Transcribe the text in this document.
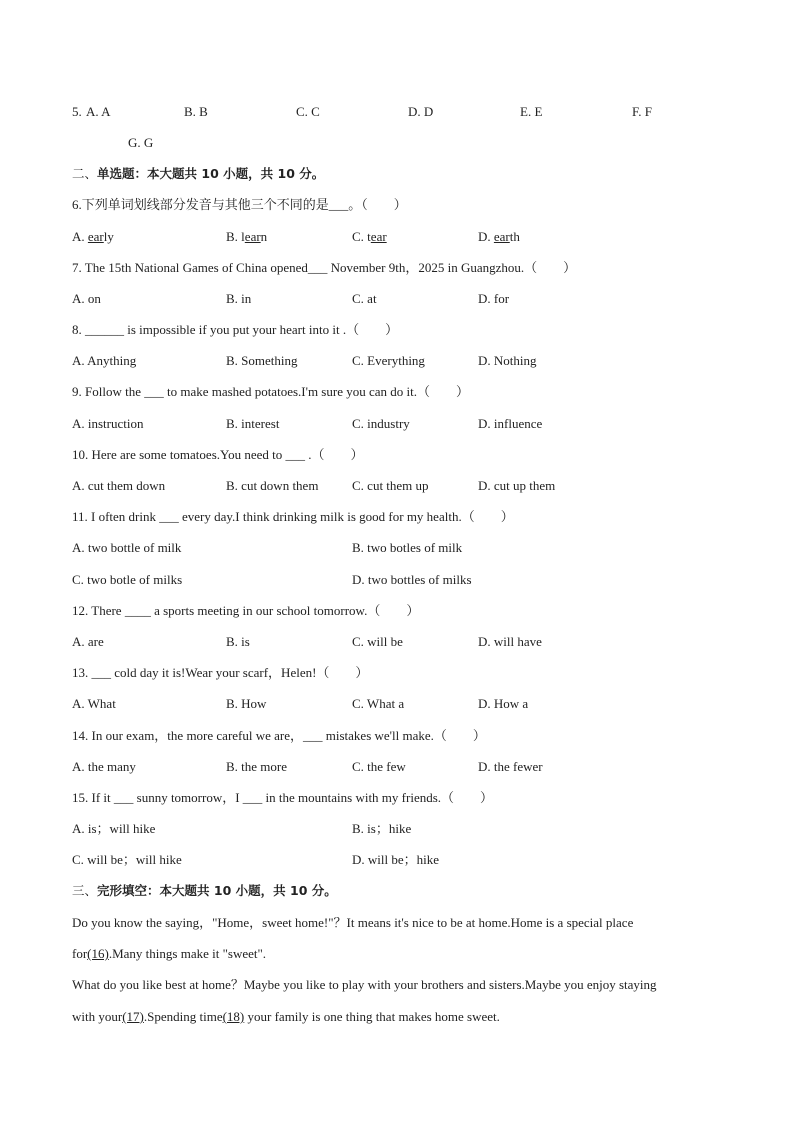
5. A. A	B. B	C. C	D. D	E. E	F. F
G. G
二、单选题：本大题共 10 小题，共 10 分。
6.下列单词划线部分发音与其他三个不同的是___。（　　）
A. early	B. learn	C. tear	D. earth
7. The 15th National Games of China opened___ November 9th，2025 in Guangzhou.（　　）
A. on	B. in	C. at	D. for
8. ______ is impossible if you put your heart into it .（　　）
A. Anything	B. Something	C. Everything	D. Nothing
9. Follow the ___ to make mashed potatoes.I'm sure you can do it.（　　）
A. instruction	B. interest	C. industry	D. influence
10. Here are some tomatoes.You need to ___ .（　　）
A. cut them down	B. cut down them	C. cut them up	D. cut up them
11. I often drink ___ every day.I think drinking milk is good for my health.（　　）
A. two bottle of milk	B. two botles of milk
C. two botle of milks	D. two bottles of milks
12. There ____ a sports meeting in our school tomorrow.（　　）
A. are	B. is	C. will be	D. will have
13. ___ cold day it is!Wear your scarf，Helen!（　　）
A. What	B. How	C. What a	D. How a
14. In our exam，the more careful we are，___ mistakes we'll make.（　　）
A. the many	B. the more	C. the few	D. the fewer
15. If it ___ sunny tomorrow，I ___ in the mountains with my friends.（　　）
A. is；will hike	B. is；hike
C. will be；will hike	D. will be；hike
三、完形填空：本大题共 10 小题，共 10 分。
Do you know the saying，"Home，sweet home!"？It means it's nice to be at home.Home is a special place
for(16).Many things make it "sweet".
What do you like best at home？Maybe you like to play with your brothers and sisters.Maybe you enjoy staying
with your(17).Spending time(18) your family is one thing that makes home sweet.
